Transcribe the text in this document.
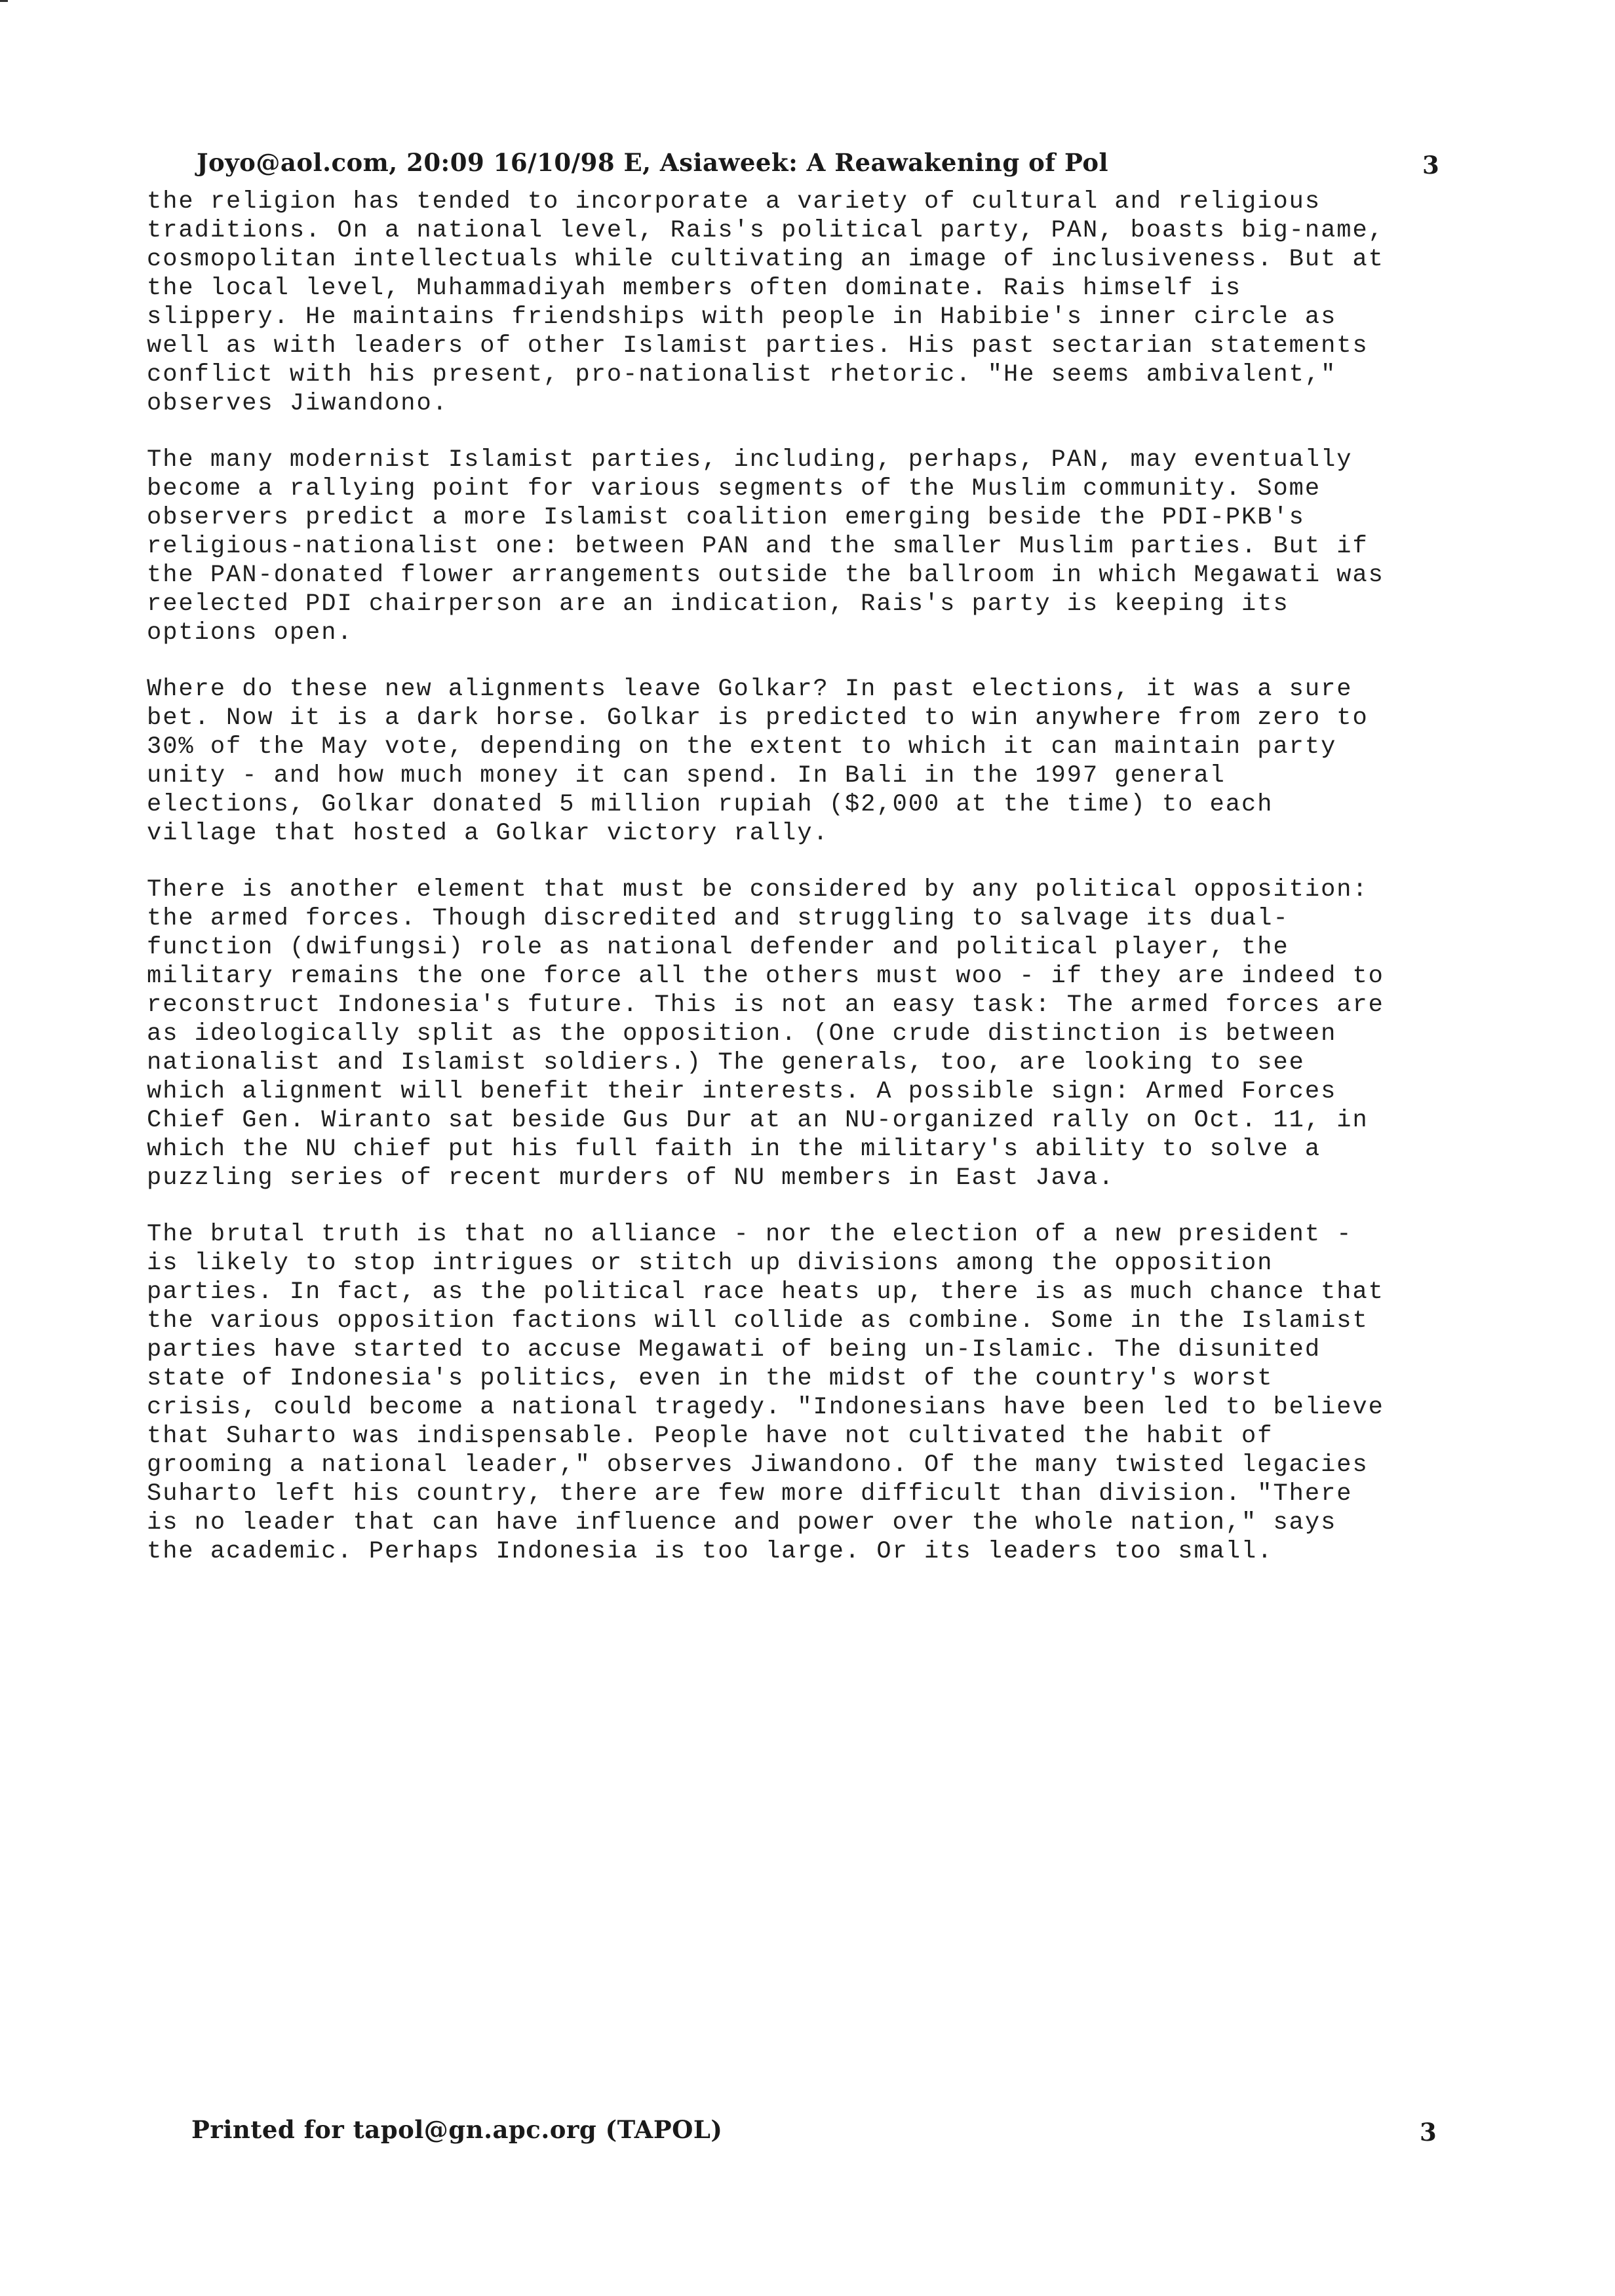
Joyo@aol.com, 20:09 16/10/98 E, Asiaweek: A Reawakening of Pol	3
the religion has tended to incorporate a variety of cultural and religious
traditions. On a national level, Rais's political party, PAN, boasts big-name,
cosmopolitan intellectuals while cultivating an image of inclusiveness. But at
the local level, Muhammadiyah members often dominate. Rais himself is
slippery. He maintains friendships with people in Habibie's inner circle as
well as with leaders of other Islamist parties. His past sectarian statements
conflict with his present, pro-nationalist rhetoric. "He seems ambivalent,"
observes Jiwandono.
The many modernist Islamist parties, including, perhaps, PAN, may eventually
become a rallying point for various segments of the Muslim community. Some
observers predict a more Islamist coalition emerging beside the PDI-PKB's
religious-nationalist one: between PAN and the smaller Muslim parties. But if
the PAN-donated flower arrangements outside the ballroom in which Megawati was
reelected PDI chairperson are an indication, Rais's party is keeping its
options open.
Where do these new alignments leave Golkar? In past elections, it was a sure
bet. Now it is a dark horse. Golkar is predicted to win anywhere from zero to
30% of the May vote, depending on the extent to which it can maintain party
unity - and how much money it can spend. In Bali in the 1997 general
elections, Golkar donated 5 million rupiah ($2,000 at the time) to each
village that hosted a Golkar victory rally.
There is another element that must be considered by any political opposition:
the armed forces. Though discredited and struggling to salvage its dual-
function (dwifungsi) role as national defender and political player, the
military remains the one force all the others must woo - if they are indeed to
reconstruct Indonesia's future. This is not an easy task: The armed forces are
as ideologically split as the opposition. (One crude distinction is between
nationalist and Islamist soldiers.) The generals, too, are looking to see
which alignment will benefit their interests. A possible sign: Armed Forces
Chief Gen. Wiranto sat beside Gus Dur at an NU-organized rally on Oct. 11, in
which the NU chief put his full faith in the military's ability to solve a
puzzling series of recent murders of NU members in East Java.
The brutal truth is that no alliance - nor the election of a new president -
is likely to stop intrigues or stitch up divisions among the opposition
parties. In fact, as the political race heats up, there is as much chance that
the various opposition factions will collide as combine. Some in the Islamist
parties have started to accuse Megawati of being un-Islamic. The disunited
state of Indonesia's politics, even in the midst of the country's worst
crisis, could become a national tragedy. "Indonesians have been led to believe
that Suharto was indispensable. People have not cultivated the habit of
grooming a national leader," observes Jiwandono. Of the many twisted legacies
Suharto left his country, there are few more difficult than division. "There
is no leader that can have influence and power over the whole nation," says
the academic. Perhaps Indonesia is too large. Or its leaders too small.
Printed for tapol@gn.apc.org (TAPOL)	3
